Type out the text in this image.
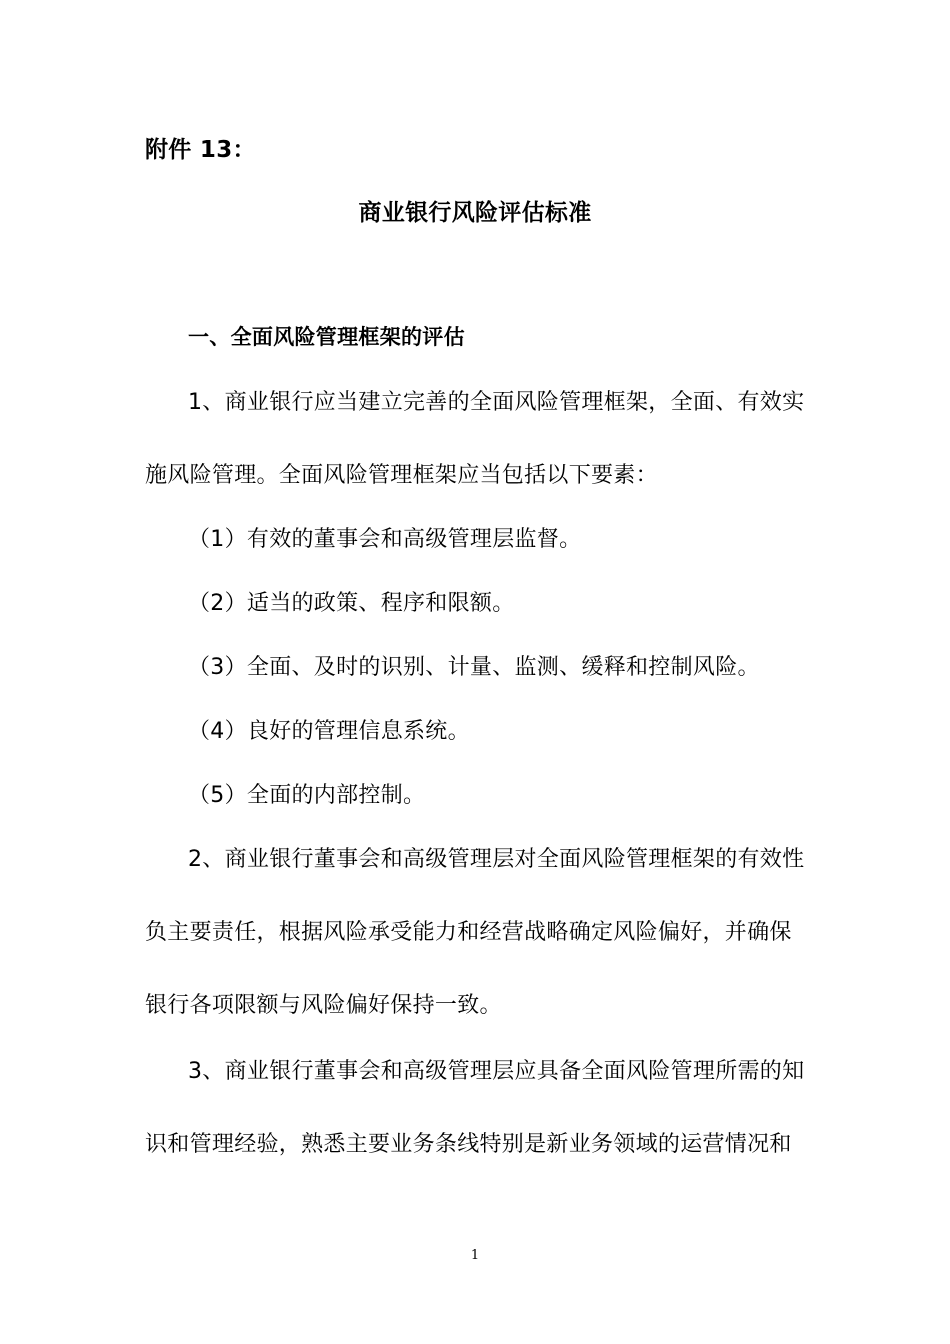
附件 13：
商业银行风险评估标准
一、全面风险管理框架的评估
1、商业银行应当建立完善的全面风险管理框架，全面、有效实
施风险管理。全面风险管理框架应当包括以下要素：
（1）有效的董事会和高级管理层监督。
（2）适当的政策、程序和限额。
（3）全面、及时的识别、计量、监测、缓释和控制风险。
（4）良好的管理信息系统。
（5）全面的内部控制。
2、商业银行董事会和高级管理层对全面风险管理框架的有效性
负主要责任，根据风险承受能力和经营战略确定风险偏好，并确保
银行各项限额与风险偏好保持一致。
3、商业银行董事会和高级管理层应具备全面风险管理所需的知
识和管理经验，熟悉主要业务条线特别是新业务领域的运营情况和
1
